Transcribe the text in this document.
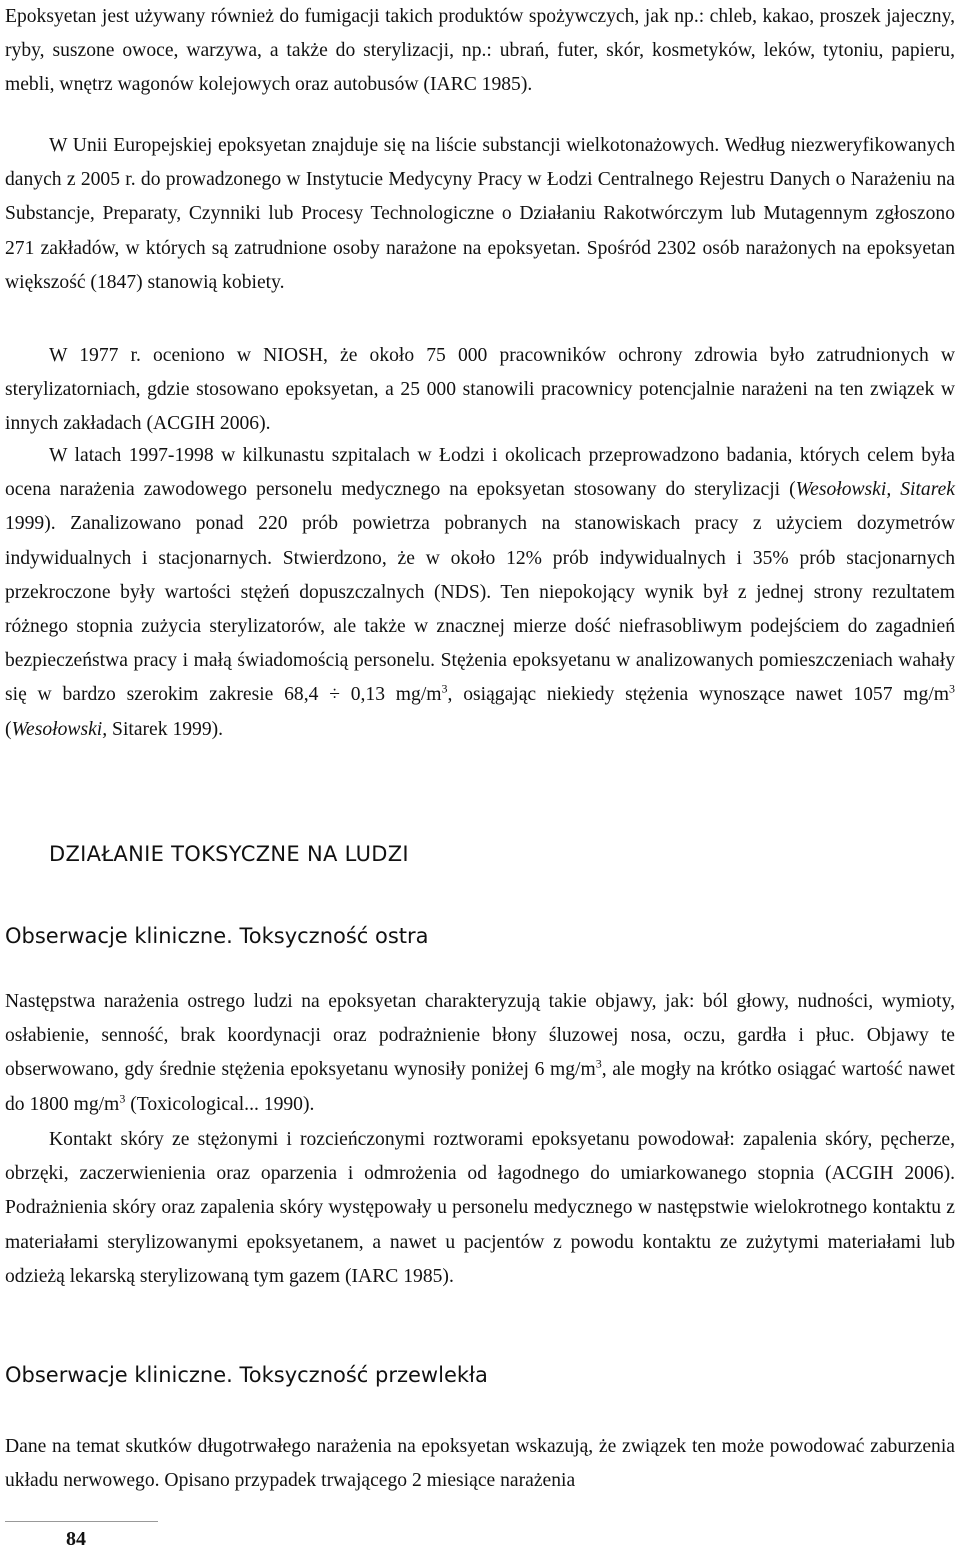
Epoksyetan jest używany również do fumigacji takich produktów spożywczych, jak np.: chleb, kakao, proszek jajeczny, ryby, suszone owoce, warzywa, a także do sterylizacji, np.: ubrań, futer, skór, kosmetyków, leków, tytoniu, papieru, mebli, wnętrz wagonów kolejowych oraz autobusów (IARC 1985).

W Unii Europejskiej epoksyetan znajduje się na liście substancji wielkotonażowych. Według niezweryfikowanych danych z 2005 r. do prowadzonego w Instytucie Medycyny Pracy w Łodzi Centralnego Rejestru Danych o Narażeniu na Substancje, Preparaty, Czynniki lub Procesy Technologiczne o Działaniu Rakotwórczym lub Mutagennym zgłoszono 271 zakładów, w których są zatrudnione osoby narażone na epoksyetan. Spośród 2302 osób narażonych na epoksyetan większość (1847) stanowią kobiety.

W 1977 r. oceniono w NIOSH, że około 75 000 pracowników ochrony zdrowia było zatrudnionych w sterylizatorniach, gdzie stosowano epoksyetan, a 25 000 stanowili pracownicy potencjalnie narażeni na ten związek w innych zakładach (ACGIH 2006).

W latach 1997-1998 w kilkunastu szpitalach w Łodzi i okolicach przeprowadzono badania, których celem była ocena narażenia zawodowego personelu medycznego na epoksyetan stosowany do sterylizacji (Wesołowski, Sitarek 1999). Zanalizowano ponad 220 prób powietrza pobranych na stanowiskach pracy z użyciem dozymetrów indywidualnych i stacjonarnych. Stwierdzono, że w około 12% prób indywidualnych i 35% prób stacjonarnych przekroczone były wartości stężeń dopuszczalnych (NDS). Ten niepokojący wynik był z jednej strony rezultatem różnego stopnia zużycia sterylizatorów, ale także w znacznej mierze dość niefrasobliwym podejściem do zagadnień bezpieczeństwa pracy i małą świadomością personelu. Stężenia epoksyetanu w analizowanych pomieszczeniach wahały się w bardzo szerokim zakresie 68,4 ÷ 0,13 $mg/m^3$, osiągając niekiedy stężenia wynoszące nawet 1057 $mg/m^3$ (Wesołowski, Sitarek 1999).

DZIAŁANIE TOKSYCZNE NA LUDZI
Obserwacje kliniczne. Toksyczność ostra

Następstwa narażenia ostrego ludzi na epoksyetan charakteryzują takie objawy, jak: ból głowy, nudności, wymioty, osłabienie, senność, brak koordynacji oraz podrażnienie błony śluzowej nosa, oczu, gardła i płuc. Objawy te obserwowano, gdy średnie stężenia epoksyetanu wynosiły poniżej 6 $mg/m^3$, ale mogły na krótko osiągać wartość nawet do 1800 $mg/m^3$ (Toxicological... 1990).

Kontakt skóry ze stężonymi i rozcieńczonymi roztworami epoksyetanu powodował: zapalenia skóry, pęcherze, obrzęki, zaczerwienienia oraz oparzenia i odmrożenia od łagodnego do umiarkowanego stopnia (ACGIH 2006). Podrażnienia skóry oraz zapalenia skóry występowały u personelu medycznego w następstwie wielokrotnego kontaktu z materiałami sterylizowanymi epoksyetanem, a nawet u pacjentów z powodu kontaktu ze zużytymi materiałami lub odzieżą lekarską sterylizowaną tym gazem (IARC 1985).

Obserwacje kliniczne. Toksyczność przewlekła

Dane na temat skutków długotrwałego narażenia na epoksyetan wskazują, że związek ten może powodować zaburzenia układu nerwowego. Opisano przypadek trwającego 2 miesiące narażenia

84
